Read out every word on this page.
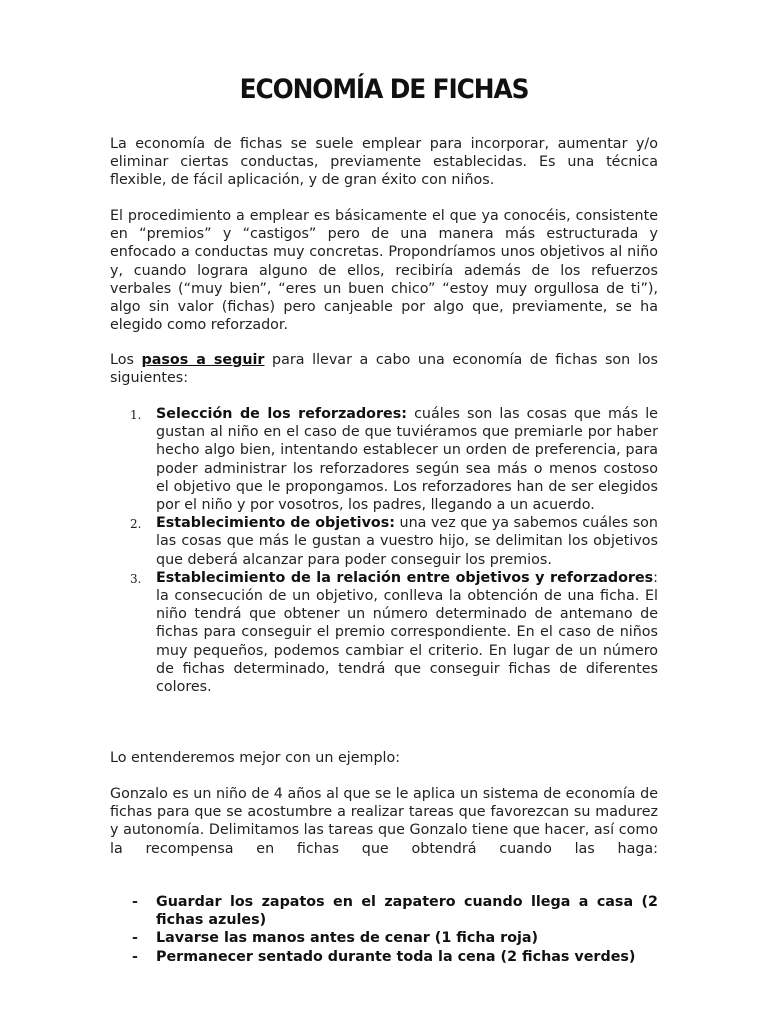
ECONOMÍA DE FICHAS

La economía de fichas se suele emplear para incorporar, aumentar y/o eliminar ciertas conductas, previamente establecidas. Es una técnica flexible, de fácil aplicación, y de gran éxito con niños.

El procedimiento a emplear es básicamente el que ya conocéis, consistente en “premios” y “castigos” pero de una manera más estructurada y enfocado a conductas muy concretas. Propondríamos unos objetivos al niño y, cuando lograra alguno de ellos, recibiría además de los refuerzos verbales (“muy bien”, “eres un buen chico” “estoy muy orgullosa de ti”), algo sin valor (fichas) pero canjeable por algo que, previamente, se ha elegido como reforzador.

Los pasos a seguir para llevar a cabo una economía de fichas son los siguientes:

1. Selección de los reforzadores: cuáles son las cosas que más le gustan al niño en el caso de que tuviéramos que premiarle por haber hecho algo bien, intentando establecer un orden de preferencia, para poder administrar los reforzadores según sea más o menos costoso el objetivo que le propongamos. Los reforzadores han de ser elegidos por el niño y por vosotros, los padres, llegando a un acuerdo.
2. Establecimiento de objetivos: una vez que ya sabemos cuáles son las cosas que más le gustan a vuestro hijo, se delimitan los objetivos que deberá alcanzar para poder conseguir los premios.
3. Establecimiento de la relación entre objetivos y reforzadores: la consecución de un objetivo, conlleva la obtención de una ficha. El niño tendrá que obtener un número determinado de antemano de fichas para conseguir el premio correspondiente. En el caso de niños muy pequeños, podemos cambiar el criterio. En lugar de un número de fichas determinado, tendrá que conseguir fichas de diferentes colores.

Lo entenderemos mejor con un ejemplo:

Gonzalo es un niño de 4 años al que se le aplica un sistema de economía de fichas para que se acostumbre a realizar tareas que favorezcan su madurez y autonomía. Delimitamos las tareas que Gonzalo tiene que hacer, así como la recompensa en fichas que obtendrá cuando las haga:

- Guardar los zapatos en el zapatero cuando llega a casa (2 fichas azules)
- Lavarse las manos antes de cenar (1 ficha roja)
- Permanecer sentado durante toda la cena (2 fichas verdes)
